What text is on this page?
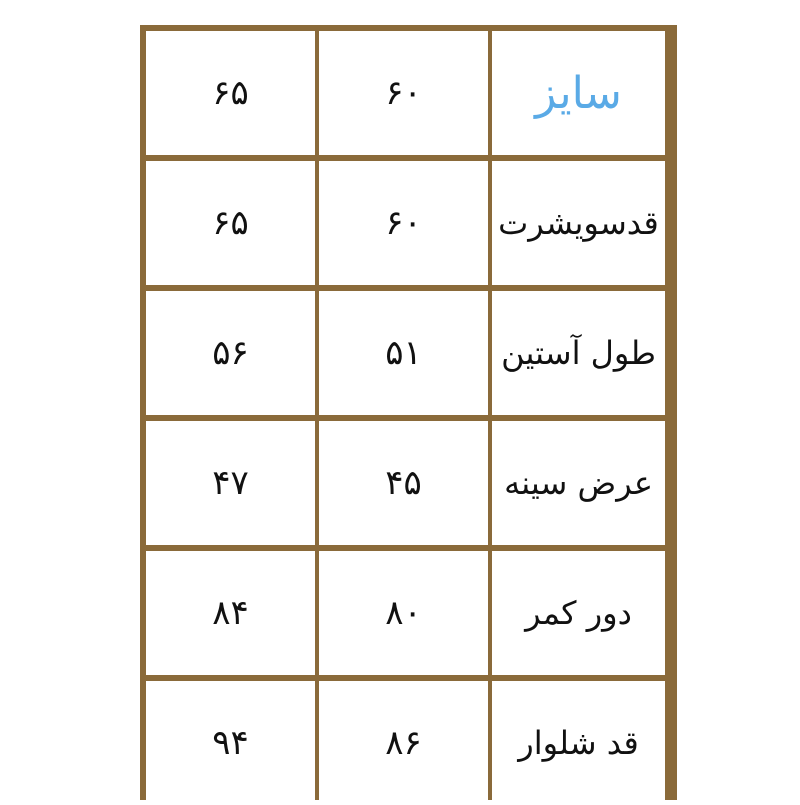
۶۵	۶۰	سایز
۶۵	۶۰	قدسویشرت
۵۶	۵۱	طول آستین
۴۷	۴۵	عرض سینه
۸۴	۸۰	دور کمر
۹۴	۸۶	قد شلوار
